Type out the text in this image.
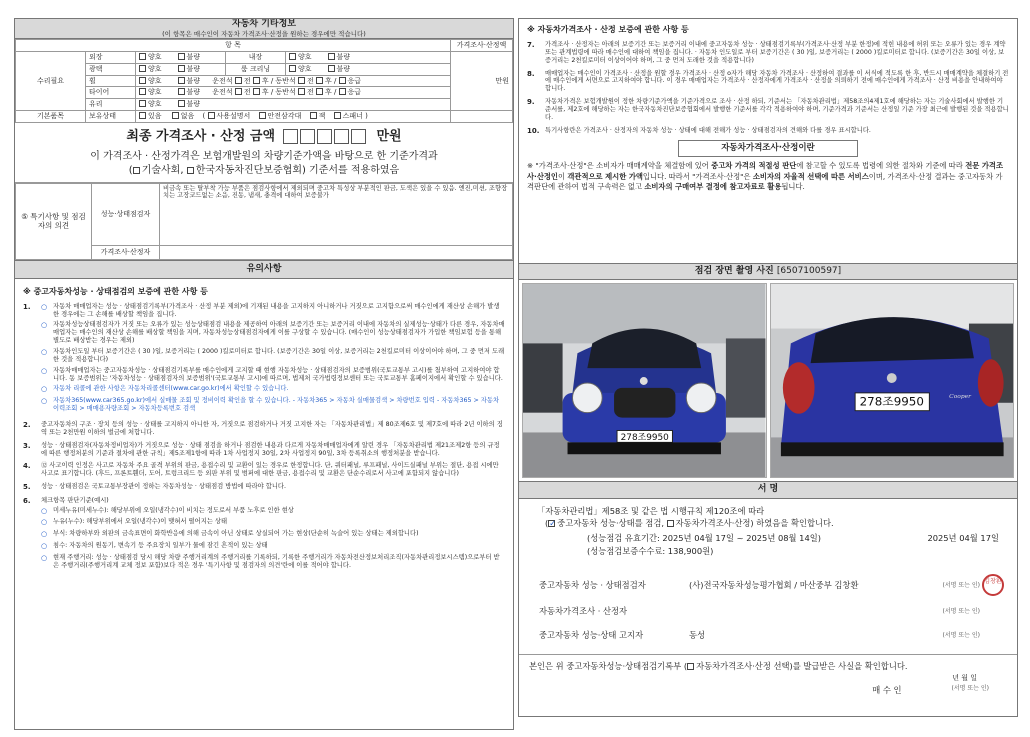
자동차 기타정보
(이 항목은 매수인이 자동차 가격조사·산정을 원하는 경우에만 적습니다)
항 목					가격조사·산정액
수리필요	외장	양호 불량	내장	양호 불량	만원
	광택	양호 불량	룸 크리닝	양호 불량	
	휠	양호 불량 운전석 전 후 / 동반석 전 후 / 응급			
	타이어	양호 불량 운전석 전 후 / 동반석 전 후 / 응급			
	유리	양호 불량			
기본품목	보유상태	있음 없음 ( 사용설명서 안전삼각대 잭 스패너 )			
최종 가격조사 · 산정 금액	만원
이 가격조사 · 산정가격은 보험개발원의 차량기준가액을 바탕으로 한 기준가격과
( 기술사회, 한국자동차진단보증협회) 기준서를 적용하였음
⑤ 특기사항 및 점검자의 의견	성능·상태점검자	비금속 또는 탈부착 가능 부품은 점검사항에서 제외되며 중고차 특성상 부분적인 판금, 도색은 있을 수 있음. 엔진,미션, 조향장치는 고장코드없는 소음, 진동, 냄새, 충격에 대하여 보증불가
	가격조사·산정자	
유의사항
※ 중고자동차성능 · 상태점검의 보증에 관한 사항 등
1.	○ 자동차 매매업자는 성능 · 상태점검기록부(가격조사 · 산정 부분 제외)에 기재된 내용을 고지하지 아니하거나 거짓으로 고지함으로써 매수인에게 재산상 손해가 발생한 경우에는 그 손해를 배상할 책임을 집니다.
○ 자동차성능상태점검자가 거짓 또는 오류가 있는 성능상태점검 내용을 제공하여 아래의 보증기간 또는 보증거리 이내에 자동차의 실제성능·상태가 다른 경우, 자동차매매업자는 매수인의 재산상 손해를 배상할 책임을 지며, 자동차성능상태점검자에게 이를 구상할 수 있습니다. (매수인이 성능상태점검자가 가입한 책임보험 등을 통해 별도로 배상받는 경우는 제외)
○ 자동차인도일 부터 보증기간은 ( 30 )일, 보증거리는 ( 2000 )킬로미터로 합니다. (보증기간은 30일 이상, 보증거리는 2천킬로미터 이상이어야 하며, 그 중 먼저 도래한 것을 적용합니다)
○ 자동차매매업자는 중고자동차성능 · 상태점검기록부를 매수인에게 고지할 때 현행 자동차성능 · 상태점검자의 보증범위(국토교통부 고시)를 첨부하여 고지하여야 합니다. 동 보증범위는 '자동차성능 · 상태점검자의 보증범위'(국토교통부 고시)에 따르며, 법제처 국가법령정보센터 또는 국토교통부 홈페이지에서 확인할 수 있습니다.
○ 자동차 리콜에 관한 사항은 자동차리콜센터(www.car.go.kr)에서 확인할 수 있습니다.
○ 자동차365(www.car365.go.kr)에서 실매물 조회 및 정비이력 확인을 할 수 있습니다. - 자동차365 > 자동차 실매물검색 > 차량번호 입력 - 자동차365 > 자동차 이력조회 > 매매용자량조회 > 자동차등록번호 검색
2.	중고자동차의 구조 · 장치 등의 성능 · 상태를 고지하지 아니한 자, 거짓으로 점검하거나 거짓 고지한 자는 「자동차관리법」제 80조제6호 및 제7호에 따라 2년 이하의 징역 또는 2천만원 이하의 벌금에 처합니다.
3.	성능 · 상태점검자(자동차정비업자)가 거짓으로 성능 · 상태 점검을 하거나 점검한 내용과 다르게 자동차매매업자에게 알린 경우 「자동차관리법 제21조제2항 등의 규정에 따른 행정처분의 기준과 절차에 관한 규칙」제5조제1항에 따라 1차 사업정지 30일, 2차 사업정지 90일, 3차 등록취소의 행정처분을 받습니다.
4.	⑫ 사고이력 인정은 사고로 자동차 주요 골격 부위의 판금, 용접수리 및 교환이 있는 경우로 한정합니다. 단, 쿼터패널, 루프패널, 사이드실패널 부위는 절단, 용접 시에만 사고로 표기합니다. (후드, 프론트휀더, 도어, 트렁크리드 등 외판 부위 및 범퍼에 대한 판금, 용접수리 및 교환은 단순수리로서 사고에 포함되지 않습니다)
5.	성능 · 상태점검은 국토교통부장관이 정하는 자동차성능 · 상태점검 방법에 따라야 합니다.
6.	체크항목 판단기준(예시)
○ 미세누유(미세누수): 해당부위에 오일(냉각수)이 비치는 정도로서 부품 노후로 인한 현상
○ 누유(누수): 해당부위에서 오일(냉각수)이 맺혀서 떨어지는 상태
○ 부식: 차량하부와 외판의 금속표면이 화학반응에 의해 금속이 아닌 상태로 상실되어 가는 현상(단순히 녹슬어 있는 상태는 제외합니다)
○ 침수: 자동차의 원동기, 변속기 등 주요장치 일부가 물에 잠긴 흔적이 있는 상태
○ 현재 주행거리: 성능 · 상태점검 당시 해당 차량 주행거리계의 주행거리를 기록하되, 기록한 주행거리가 자동차전산정보처리조직(자동차관리정보시스템)으로부터 받은 주행거리(주행거리계 교체 정보 포함)보다 적은 경우 '특기사항 및 점검자의 의견'란에 이를 적어야 합니다.
※ 자동차가격조사 · 산정 보증에 관한 사항 등
7.	가격조사 · 산정자는 아래의 보증기간 또는 보증거리 이내에 중고자동차 성능 · 상태점검기록부(가격조사·산정 부분 한정)에 적힌 내용에 허위 또는 오류가 있는 경우 계약 또는 관계법령에 따라 매수인에 대하여 책임을 집니다. · 자동차 인도일로 부터 보증기간은 ( 30 )일, 보증거리는 ( 2000 )킬로미터로 합니다. (보증기간은 30일 이상, 보증거리는 2천킬로미터 이상이어야 하며, 그 중 먼저 도래한 것을 적용합니다)
8.	매매업자는 매수인이 가격조사 · 산정을 원할 경우 가격조사 · 산정 o자가 해당 자동차 가격조사 · 산정하여 결과를 이 서식에 적도록 한 후, 반드시 매매계약을 체결하기 전에 매수인에게 서면으로 고지하여야 합니다. 이 경우 매매업자는 가격조사 · 산정자에게 가격조사 · 산정을 의뢰하기 전에 매수인에게 가격조사 · 산정 비용을 안내하여야 합니다.
9.	자동차가격은 보험개발원이 정한 차량기준가액을 기준가격으로 조사 · 산정 하되, 기준서는 「자동차관리법」제58조의4제1호에 해당하는 자는 기술사회에서 발행한 기준서를, 제2호에 해당하는 자는 한국자동차진단보증협회에서 발행한 기준서를 각각 적용하여야 하며, 기준가격과 기준서는 산정일 기준 가장 최근에 발행된 것을 적용합니다.
10. 특기사항란은 가격조사 · 산정자의 자동차 성능 · 상태에 대해 전해가 성능 · 상태점검자의 견해와 다를 경우 표시합니다.
자동차가격조사·산정이란
※ "가격조사·산정"은 소비자가 매매계약을 체결함에 있어 중고차 가격의 적절성 판단에 참고할 수 있도록 법령에 의한 절차와 기준에 따라 전문 가격조사·산정인이 객관적으로 제시한 가액입니다. 따라서 "가격조사·산정"은 소비자의 자율적 선택에 따른 서비스이며, 가격조사·산정 결과는 중고자동차 가격판단에 관하여 법적 구속력은 없고 소비자의 구매여부 결정에 참고자료로 활용됩니다.
점검 장면 촬영 사진 [6507100597]
278조9950
278조9950	Cooper
서 명
「자동차관리법」제58조 및 같은 법 시행규칙 제120조에 따라
( ✓ 중고자동차 성능·상태를 점검, 자동차가격조사·산정) 하였음을 확인합니다.
(성능점검 유효기간: 2025년 04월 17일 ~ 2025년 08월 14일)	2025년 04월 17일
(성능점검보증수수료: 138,900원)
중고자동차 성능 · 상태점검자	(사)전국자동차성능평가협회 / 마산중부 김창환	(서명 또는 인) 김창환
자동차가격조사 · 산정자	(서명 또는 인)
중고자동차 성능·상태 고지자	동성	(서명 또는 인)
본인은 위 중고자동차성능·상태점검기록부 ( 자동차가격조사·산정 선택)를 발급받은 사실을 확인합니다.
년 월 일
매 수 인	(서명 또는 인)
